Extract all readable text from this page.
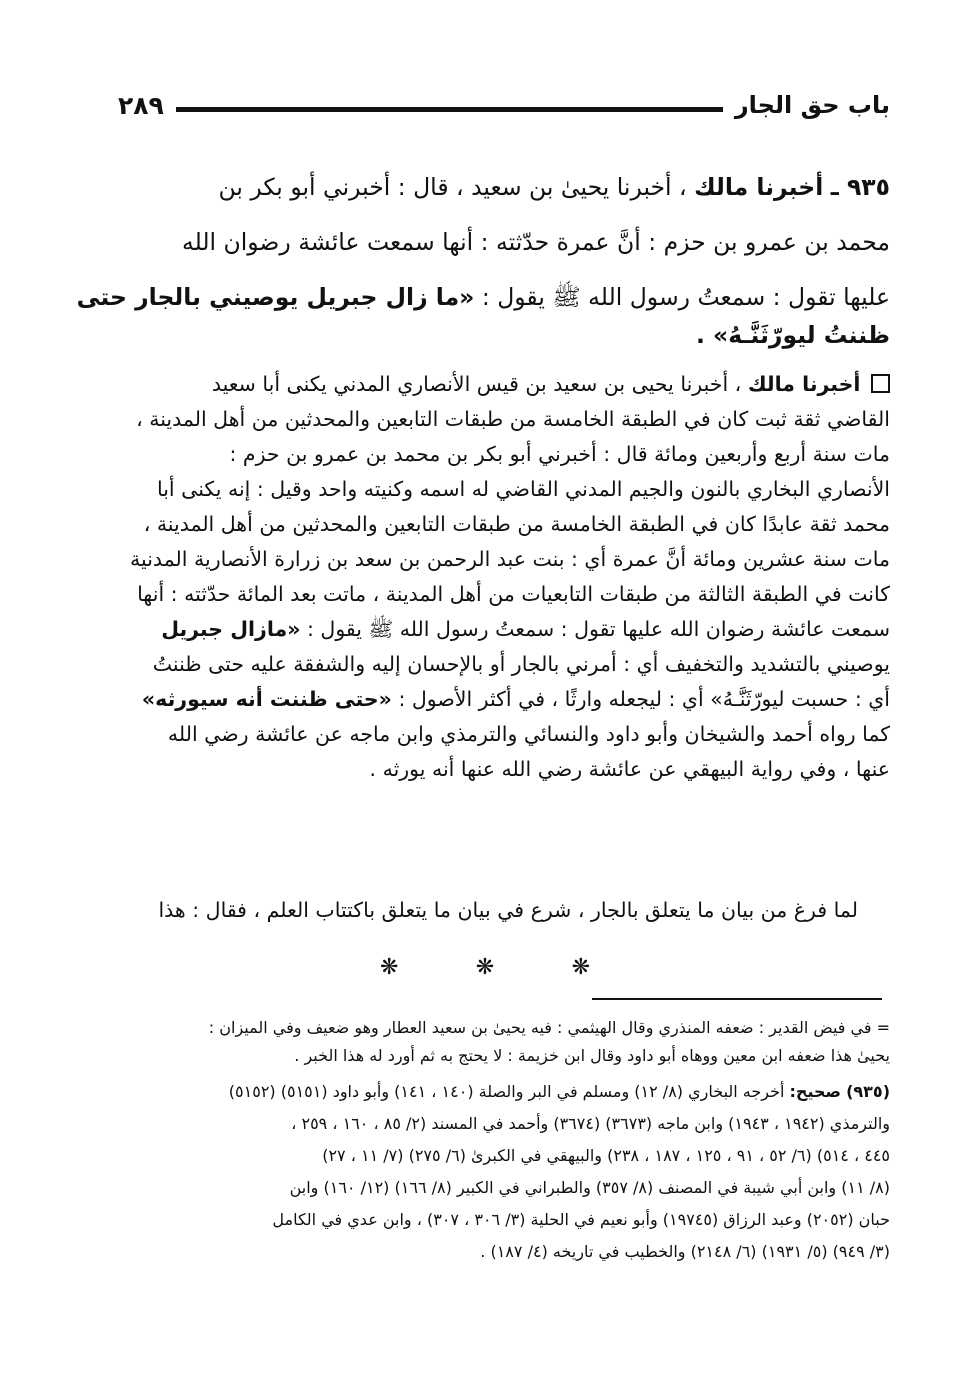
باب حق الجار
٢٨٩
٩٣٥ ـ أخبرنا مالك ، أخبرنا يحيىٰ بن سعيد ، قال : أخبرني أبو بكر بن
محمد بن عمرو بن حزم : أنَّ عمرة حدّثته : أنها سمعت عائشة رضوان الله
عليها تقول : سمعتُ رسول الله ﷺ يقول : «ما زال جبريل يوصيني بالجار حتى
ظننتُ ليورّثَنَّـهُ» .
أخبرنا مالك ، أخبرنا يحيى بن سعيد بن قيس الأنصاري المدني يكنى أبا سعيد
القاضي ثقة ثبت كان في الطبقة الخامسة من طبقات التابعين والمحدثين من أهل المدينة ،
مات سنة أربع وأربعين ومائة قال : أخبرني أبو بكر بن محمد بن عمرو بن حزم :
الأنصاري البخاري بالنون والجيم المدني القاضي له اسمه وكنيته واحد وقيل : إنه يكنى أبا
محمد ثقة عابدًا كان في الطبقة الخامسة من طبقات التابعين والمحدثين من أهل المدينة ،
مات سنة عشرين ومائة أنَّ عمرة أي : بنت عبد الرحمن بن سعد بن زرارة الأنصارية المدنية
كانت في الطبقة الثالثة من طبقات التابعيات من أهل المدينة ، ماتت بعد المائة حدّثته : أنها
سمعت عائشة رضوان الله عليها تقول : سمعتُ رسول الله ﷺ يقول : «مازال جبريل
يوصيني بالتشديد والتخفيف أي : أمرني بالجار أو بالإحسان إليه والشفقة عليه حتى ظننتُ
أي : حسبت ليورّثَنَّـهُ» أي : ليجعله وارثًا ، في أكثر الأصول : «حتى ظننت أنه سيورثه»
كما رواه أحمد والشيخان وأبو داود والنسائي والترمذي وابن ماجه عن عائشة رضي الله
عنها ، وفي رواية البيهقي عن عائشة رضي الله عنها أنه يورثه .
لما فرغ من بيان ما يتعلق بالجار ، شرع في بيان ما يتعلق باكتتاب العلم ، فقال : هذا
❋	❋	❋
= في فيض القدير : ضعفه المنذري وقال الهيثمي : فيه يحيىٰ بن سعيد العطار وهو ضعيف وفي الميزان :
يحيىٰ هذا ضعفه ابن معين ووهاه أبو داود وقال ابن خزيمة : لا يحتج به ثم أورد له هذا الخبر .
(٩٣٥) صحيح: أخرجه البخاري (٨/ ١٢) ومسلم في البر والصلة (١٤٠ ، ١٤١) وأبو داود (٥١٥١) (٥١٥٢)
والترمذي (١٩٤٢ ، ١٩٤٣) وابن ماجه (٣٦٧٣) (٣٦٧٤) وأحمد في المسند (٢/ ٨٥ ، ١٦٠ ، ٢٥٩ ،
٤٤٥ ، ٥١٤) (٦/ ٥٢ ، ٩١ ، ١٢٥ ، ١٨٧ ، ٢٣٨) والبيهقي في الكبرىٰ (٦/ ٢٧٥) (٧/ ١١ ، ٢٧)
(٨/ ١١) وابن أبي شيبة في المصنف (٨/ ٣٥٧) والطبراني في الكبير (٨/ ١٦٦) (١٢/ ١٦٠) وابن
حبان (٢٠٥٢) وعبد الرزاق (١٩٧٤٥) وأبو نعيم في الحلية (٣/ ٣٠٦ ، ٣٠٧) ، وابن عدي في الكامل
(٣/ ٩٤٩) (٥/ ١٩٣١) (٦/ ٢١٤٨) والخطيب في تاريخه (٤/ ١٨٧) .
